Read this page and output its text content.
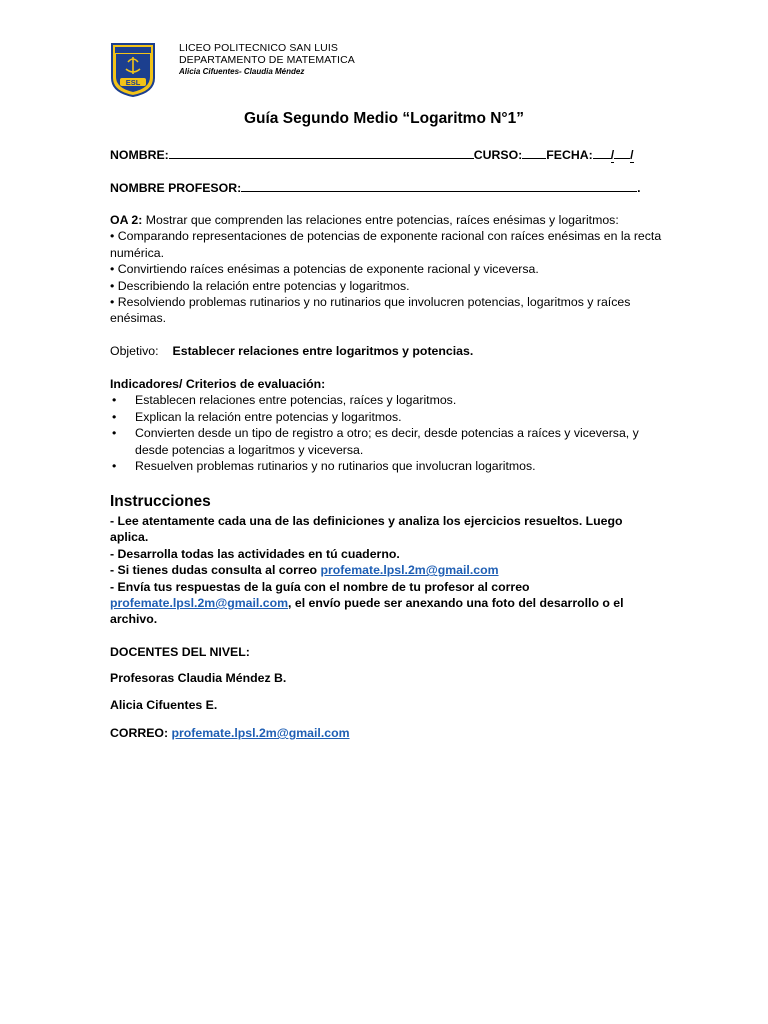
ESL
LICEO POLITECNICO SAN LUIS
DEPARTAMENTO DE MATEMATICA
Alicia Cifuentes- Claudia Méndez
Guía Segundo Medio “Logaritmo N°1”
NOMBRE:	CURSO: FECHA: / /
NOMBRE PROFESOR:	.
OA 2: Mostrar que comprenden las relaciones entre potencias, raíces enésimas y logaritmos:
• Comparando representaciones de potencias de exponente racional con raíces enésimas en la recta numérica.
• Convirtiendo raíces enésimas a potencias de exponente racional y viceversa.
• Describiendo la relación entre potencias y logaritmos.
• Resolviendo problemas rutinarios y no rutinarios que involucren potencias, logaritmos y raíces enésimas.
Objetivo: Establecer relaciones entre logaritmos y potencias.
Indicadores/ Criterios de evaluación:
•	Establecen relaciones entre potencias, raíces y logaritmos.
•	Explican la relación entre potencias y logaritmos.
•	Convierten desde un tipo de registro a otro; es decir, desde potencias a raíces y viceversa, y desde potencias a logaritmos y viceversa.
•	Resuelven problemas rutinarios y no rutinarios que involucran logaritmos.
Instrucciones
- Lee atentamente cada una de las definiciones y analiza los ejercicios resueltos. Luego aplica.
- Desarrolla todas las actividades en tú cuaderno.
- Si tienes dudas consulta al correo profemate.lpsl.2m@gmail.com
- Envía tus respuestas de la guía con el nombre de tu profesor al correo
profemate.lpsl.2m@gmail.com, el envío puede ser anexando una foto del desarrollo o el archivo.
DOCENTES DEL NIVEL:
Profesoras Claudia Méndez B.
Alicia Cifuentes E.
CORREO: profemate.lpsl.2m@gmail.com
